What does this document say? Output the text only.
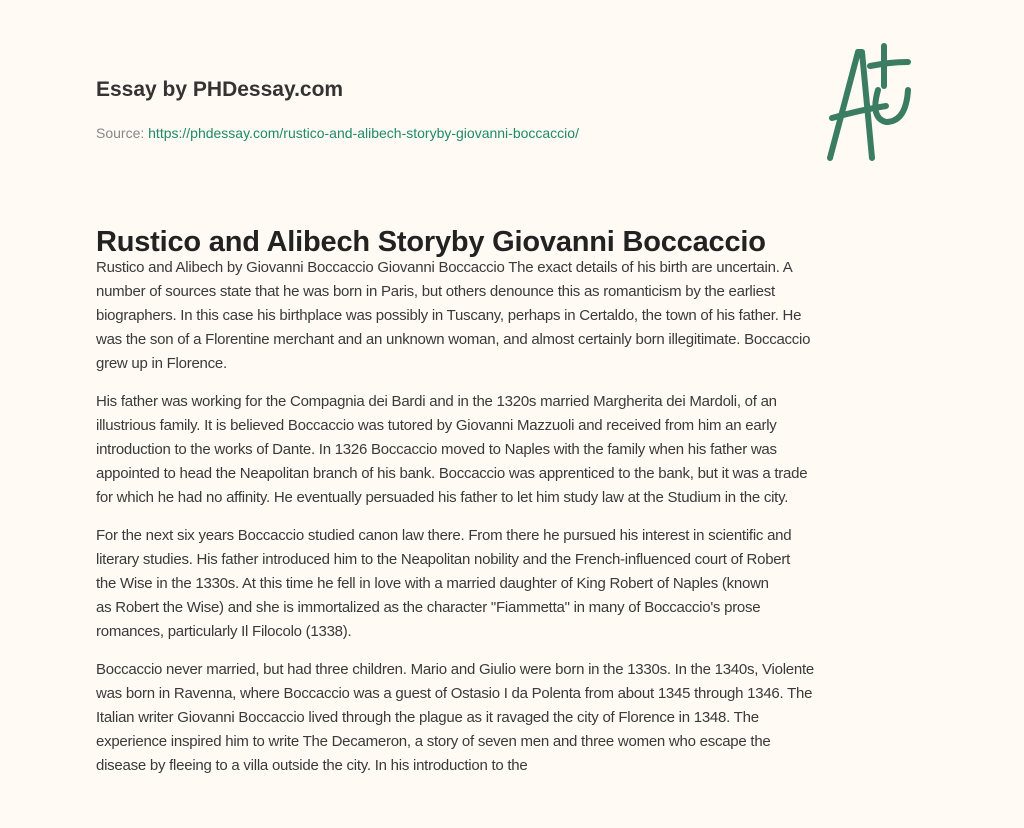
Essay by PHDessay.com
Source: https://phdessay.com/rustico-and-alibech-storyby-giovanni-boccaccio/
Rustico and Alibech Storyby Giovanni Boccaccio

Rustico and Alibech by Giovanni Boccaccio Giovanni Boccaccio The exact details of his birth are uncertain. A
number of sources state that he was born in Paris, but others denounce this as romanticism by the earliest
biographers. In this case his birthplace was possibly in Tuscany, perhaps in Certaldo, the town of his father. He
was the son of a Florentine merchant and an unknown woman, and almost certainly born illegitimate. Boccaccio
grew up in Florence.

His father was working for the Compagnia dei Bardi and in the 1320s married Margherita dei Mardoli, of an
illustrious family. It is believed Boccaccio was tutored by Giovanni Mazzuoli and received from him an early
introduction to the works of Dante. In 1326 Boccaccio moved to Naples with the family when his father was
appointed to head the Neapolitan branch of his bank. Boccaccio was apprenticed to the bank, but it was a trade
for which he had no affinity. He eventually persuaded his father to let him study law at the Studium in the city.

For the next six years Boccaccio studied canon law there. From there he pursued his interest in scientific and
literary studies. His father introduced him to the Neapolitan nobility and the French-influenced court of Robert
the Wise in the 1330s. At this time he fell in love with a married daughter of King Robert of Naples (known
as Robert the Wise) and she is immortalized as the character "Fiammetta" in many of Boccaccio's prose
romances, particularly Il Filocolo (1338).

Boccaccio never married, but had three children. Mario and Giulio were born in the 1330s. In the 1340s, Violente
was born in Ravenna, where Boccaccio was a guest of Ostasio I da Polenta from about 1345 through 1346. The
Italian writer Giovanni Boccaccio lived through the plague as it ravaged the city of Florence in 1348. The
experience inspired him to write The Decameron, a story of seven men and three women who escape the
disease by fleeing to a villa outside the city. In his introduction to the
